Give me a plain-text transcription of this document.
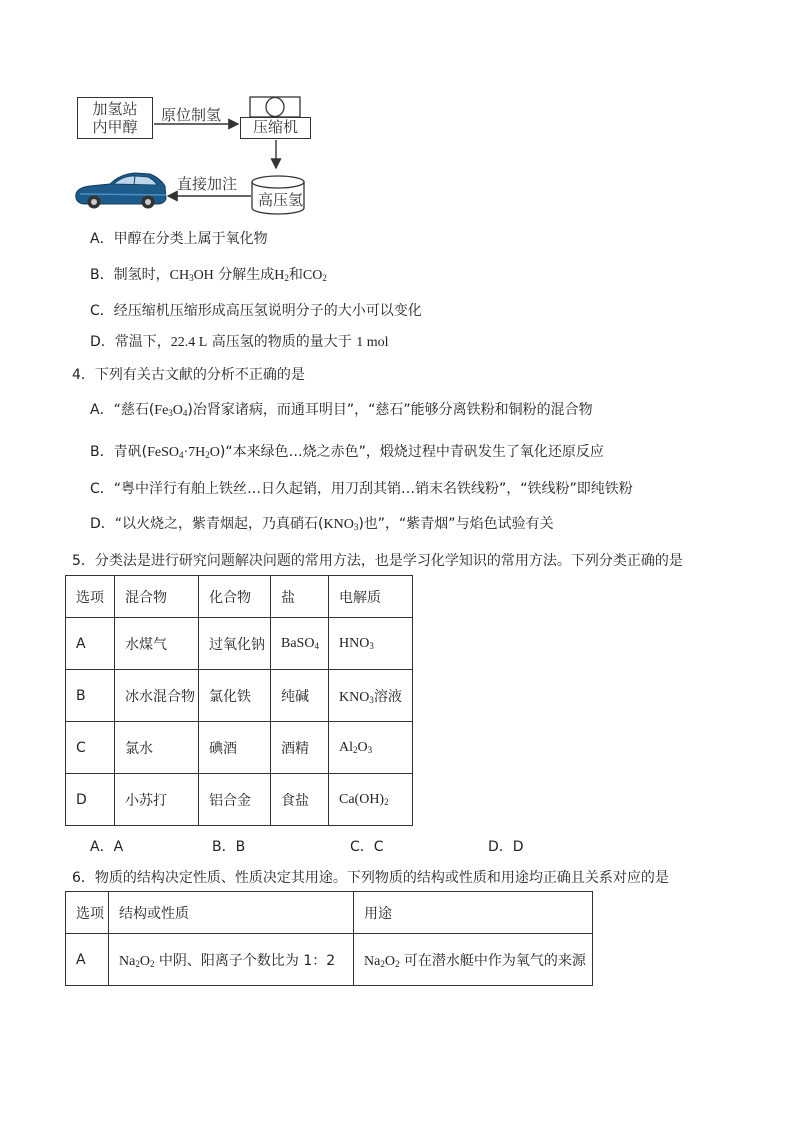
加氢站
内甲醇
原位制氢
压缩机
直接加注
高压氢
A．甲醇在分类上属于氧化物
B．制氢时，$CH_3OH$ 分解生成$H_2$和$CO_2$
C．经压缩机压缩形成高压氢说明分子的大小可以变化
D．常温下，22.4 L 高压氢的物质的量大于 1 mol
4．下列有关古文献的分析不正确的是
A．“慈石$(Fe_3O_4)$冶肾家诸病，而通耳明目”，“慈石”能够分离铁粉和铜粉的混合物
B．青矾$(FeSO_4\cdot 7H_2O)“$本来绿色…烧之赤色”，煅烧过程中青矾发生了氧化还原反应
C．“粤中洋行有舶上铁丝…日久起销，用刀刮其销…销末名铁线粉”，“铁线粉”即纯铁粉
D．“以火烧之，紫青烟起，乃真硝石$(KNO_3)$也”，“紫青烟”与焰色试验有关
5．分类法是进行研究问题解决问题的常用方法，也是学习化学知识的常用方法。下列分类正确的是
选项	混合物	化合物	盐	电解质
A	水煤气	过氧化钠	BaSO$_4$	$HNO_3$
B	冰水混合物	氯化铁	纯碱	$KNO_3$溶液
C	氯水	碘酒	酒精	$Al_2O_3$
D	小苏打	铝合金	食盐	$Ca(OH)_2$
A．A	B．B	C．C	D．D
6．物质的结构决定性质、性质决定其用途。下列物质的结构或性质和用途均正确且关系对应的是
选项	结构或性质	用途
A	$Na_2O_2$ 中阴、阳离子个数比为 1：2	$Na_2O_2$ 可在潜水艇中作为氧气的来源
